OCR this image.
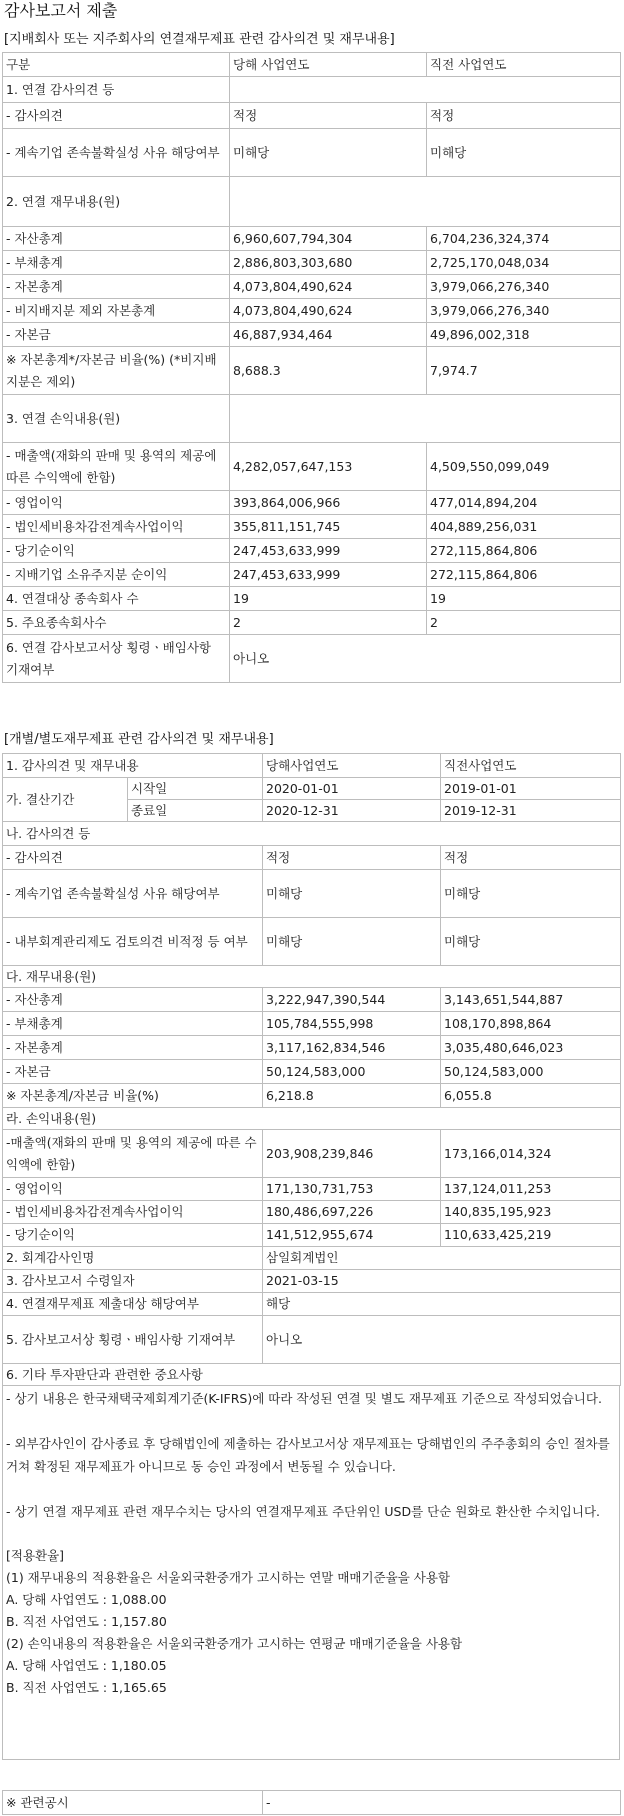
감사보고서 제출
[지배회사 또는 지주회사의 연결재무제표 관련 감사의견 및 재무내용]
구분	당해 사업연도	직전 사업연도
1. 연결 감사의견 등		
- 감사의견	적정	적정
- 계속기업 존속불확실성 사유 해당여부	미해당	미해당
2. 연결 재무내용(원)		
- 자산총계	6,960,607,794,304	6,704,236,324,374
- 부채총계	2,886,803,303,680	2,725,170,048,034
- 자본총계	4,073,804,490,624	3,979,066,276,340
- 비지배지분 제외 자본총계	4,073,804,490,624	3,979,066,276,340
- 자본금	46,887,934,464	49,896,002,318
※ 자본총계*/자본금 비율(%) (*비지배지분은 제외)	8,688.3	7,974.7
3. 연결 손익내용(원)		
- 매출액(재화의 판매 및 용역의 제공에 따른 수익액에 한함)	4,282,057,647,153	4,509,550,099,049
- 영업이익	393,864,006,966	477,014,894,204
- 법인세비용차감전계속사업이익	355,811,151,745	404,889,256,031
- 당기순이익	247,453,633,999	272,115,864,806
- 지배기업 소유주지분 순이익	247,453,633,999	272,115,864,806
4. 연결대상 종속회사 수	19	19
5. 주요종속회사수	2	2
6. 연결 감사보고서상 횡령ㆍ배임사항 기재여부	아니오	
[개별/별도재무제표 관련 감사의견 및 재무내용]
1. 감사의견 및 재무내용		당해사업연도	직전사업연도
가. 결산기간	시작일	2020-01-01	2019-01-01
	종료일	2020-12-31	2019-12-31
나. 감사의견 등			
- 감사의견		적정	적정
- 계속기업 존속불확실성 사유 해당여부		미해당	미해당
- 내부회계관리제도 검토의견 비적정 등 여부		미해당	미해당
다. 재무내용(원)			
- 자산총계		3,222,947,390,544	3,143,651,544,887
- 부채총계		105,784,555,998	108,170,898,864
- 자본총계		3,117,162,834,546	3,035,480,646,023
- 자본금		50,124,583,000	50,124,583,000
※ 자본총계/자본금 비율(%)		6,218.8	6,055.8
라. 손익내용(원)			
-매출액(재화의 판매 및 용역의 제공에 따른 수익액에 한함)		203,908,239,846	173,166,014,324
- 영업이익		171,130,731,753	137,124,011,253
- 법인세비용차감전계속사업이익		180,486,697,226	140,835,195,923
- 당기순이익		141,512,955,674	110,633,425,219
2. 회계감사인명		삼일회계법인	
3. 감사보고서 수령일자		2021-03-15	
4. 연결재무제표 제출대상 해당여부		해당	
5. 감사보고서상 횡령ㆍ배임사항 기재여부		아니오	
6. 기타 투자판단과 관련한 중요사항			

- 상기 내용은 한국채택국제회계기준(K-IFRS)에 따라 작성된 연결 및 별도 재무제표 기준으로 작성되었습니다.

- 외부감사인이 감사종료 후 당해법인에 제출하는 감사보고서상 재무제표는 당해법인의 주주총회의 승인 절차를 거쳐 확정된 재무제표가 아니므로 동 승인 과정에서 변동될 수 있습니다.

- 상기 연결 재무제표 관련 재무수치는 당사의 연결재무제표 주단위인 USD를 단순 원화로 환산한 수치입니다.

[적용환율]

(1) 재무내용의 적용환율은 서울외국환중개가 고시하는 연말 매매기준율을 사용함

A. 당해 사업연도 : 1,088.00

B. 직전 사업연도 : 1,157.80

(2) 손익내용의 적용환율은 서울외국환중개가 고시하는 연평균 매매기준율을 사용함

A. 당해 사업연도 : 1,180.05

B. 직전 사업연도 : 1,165.65

※ 관련공시	-
